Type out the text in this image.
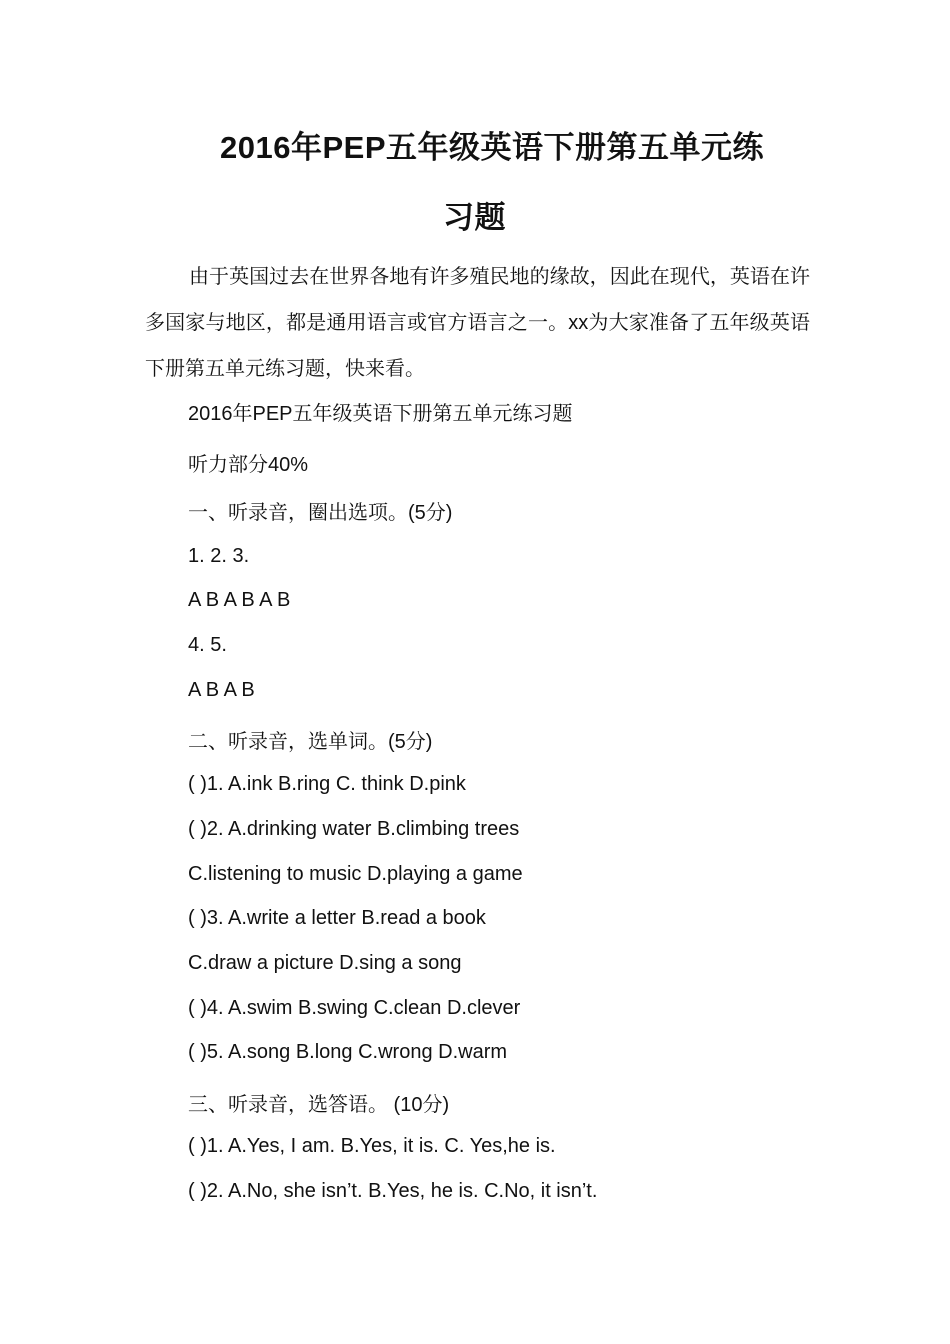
2016年PEP五年级英语下册第五单元练
习题
由于英国过去在世界各地有许多殖民地的缘故，因此在现代，英语在许多国家与地区，都是通用语言或官方语言之一。xx为大家准备了五年级英语下册第五单元练习题，快来看。
2016年PEP五年级英语下册第五单元练习题
听力部分40%
一、听录音，圈出选项。(5分)
1. 2. 3.
A B A B A B
4. 5.
A B A B
二、听录音，选单词。(5分)
( )1. A.ink B.ring C. think D.pink
( )2. A.drinking water B.climbing trees
C.listening to music D.playing a game
( )3. A.write a letter B.read a book
C.draw a picture D.sing a song
( )4. A.swim B.swing C.clean D.clever
( )5. A.song B.long C.wrong D.warm
三、听录音，选答语。 (10分)
( )1. A.Yes, I am. B.Yes, it is. C. Yes,he is.
( )2. A.No, she isn’t. B.Yes, he is. C.No, it isn’t.
